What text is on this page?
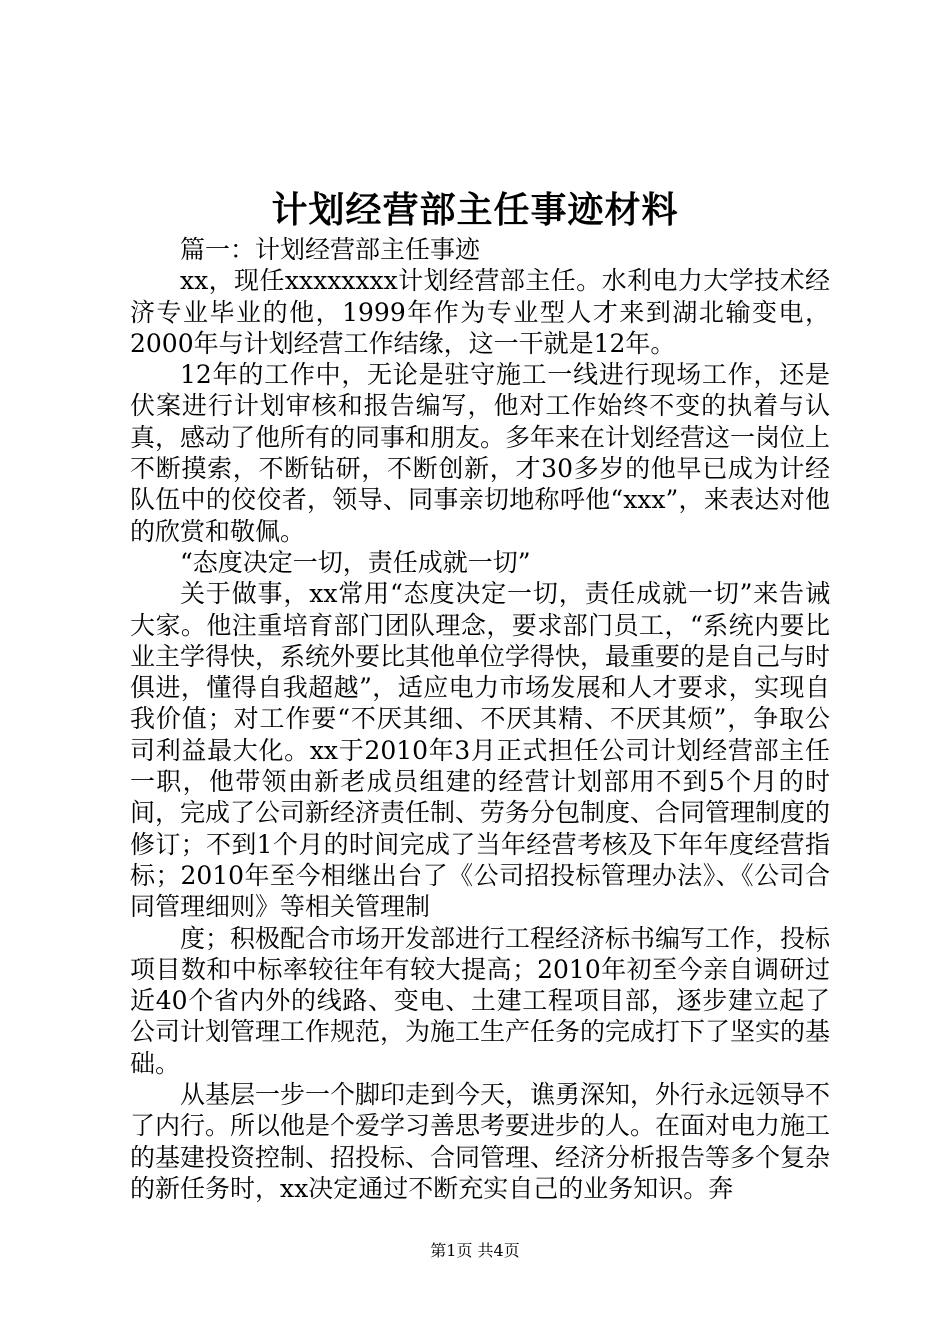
计划经营部主任事迹材料

篇一：计划经营部主任事迹

xx，现任xxxxxxxx计划经营部主任。水利电力大学技术经济专业毕业的他，1999年作为专业型人才来到湖北输变电，2000年与计划经营工作结缘，这一干就是12年。

12年的工作中，无论是驻守施工一线进行现场工作，还是伏案进行计划审核和报告编写，他对工作始终不变的执着与认真，感动了他所有的同事和朋友。多年来在计划经营这一岗位上不断摸索，不断钻研，不断创新，才30多岁的他早已成为计经队伍中的佼佼者，领导、同事亲切地称呼他“xxx”，来表达对他的欣赏和敬佩。

“态度决定一切，责任成就一切”

关于做事，xx常用“态度决定一切，责任成就一切”来告诫大家。他注重培育部门团队理念，要求部门员工，“系统内要比业主学得快，系统外要比其他单位学得快，最重要的是自己与时俱进，懂得自我超越”，适应电力市场发展和人才要求，实现自我价值；对工作要“不厌其细、不厌其精、不厌其烦”，争取公司利益最大化。xx于2010年3月正式担任公司计划经营部主任一职，他带领由新老成员组建的经营计划部用不到5个月的时间，完成了公司新经济责任制、劳务分包制度、合同管理制度的修订；不到1个月的时间完成了当年经营考核及下年年度经营指标；2010年至今相继出台了《公司招投标管理办法》、《公司合同管理细则》等相关管理制

度；积极配合市场开发部进行工程经济标书编写工作，投标项目数和中标率较往年有较大提高；2010年初至今亲自调研过近40个省内外的线路、变电、土建工程项目部，逐步建立起了公司计划管理工作规范，为施工生产任务的完成打下了坚实的基础。

从基层一步一个脚印走到今天，谯勇深知，外行永远领导不了内行。所以他是个爱学习善思考要进步的人。在面对电力施工的基建投资控制、招投标、合同管理、经济分析报告等多个复杂的新任务时，xx决定通过不断充实自己的业务知识。奔

第1页 共4页
